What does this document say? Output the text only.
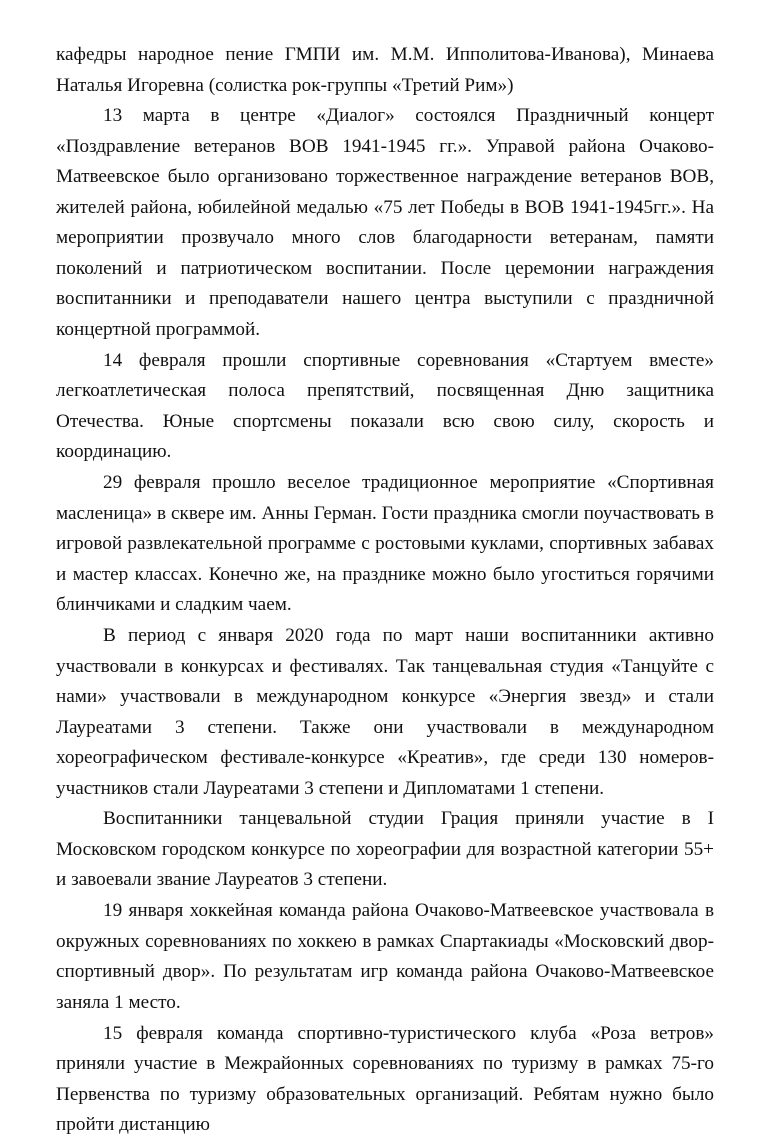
кафедры народное пение ГМПИ им. М.М. Ипполитова-Иванова), Минаева Наталья Игоревна (солистка рок-группы «Третий Рим»)

13 марта в центре «Диалог» состоялся Праздничный концерт «Поздравление ветеранов ВОВ 1941-1945 гг.». Управой района Очаково-Матвеевское было организовано торжественное награждение ветеранов ВОВ, жителей района, юбилейной медалью «75 лет Победы в ВОВ 1941-1945гг.». На мероприятии прозвучало много слов благодарности ветеранам, памяти поколений и патриотическом воспитании. После церемонии награждения воспитанники и преподаватели нашего центра выступили с праздничной концертной программой.

14 февраля прошли спортивные соревнования «Стартуем вместе» легкоатлетическая полоса препятствий, посвященная Дню защитника Отечества. Юные спортсмены показали всю свою силу, скорость и координацию.

29 февраля прошло веселое традиционное мероприятие «Спортивная масленица» в сквере им. Анны Герман. Гости праздника смогли поучаствовать в игровой развлекательной программе с ростовыми куклами, спортивных забавах и мастер классах. Конечно же, на празднике можно было угоститься горячими блинчиками и сладким чаем.

В период с января 2020 года по март наши воспитанники активно участвовали в конкурсах и фестивалях. Так танцевальная студия «Танцуйте с нами» участвовали в международном конкурсе «Энергия звезд» и стали Лауреатами 3 степени. Также они участвовали в международном хореографическом фестивале-конкурсе «Креатив», где среди 130 номеров-участников стали Лауреатами 3 степени и Дипломатами 1 степени.

Воспитанники танцевальной студии Грация приняли участие в I Московском городском конкурсе по хореографии для возрастной категории 55+ и завоевали звание Лауреатов 3 степени.

19 января хоккейная команда района Очаково-Матвеевское участвовала в окружных соревнованиях по хоккею в рамках Спартакиады «Московский двор-спортивный двор». По результатам игр команда района Очаково-Матвеевское заняла 1 место.

15 февраля команда спортивно-туристического клуба «Роза ветров» приняли участие в Межрайонных соревнованиях по туризму в рамках 75-го Первенства по туризму образовательных организаций. Ребятам нужно было пройти дистанцию
